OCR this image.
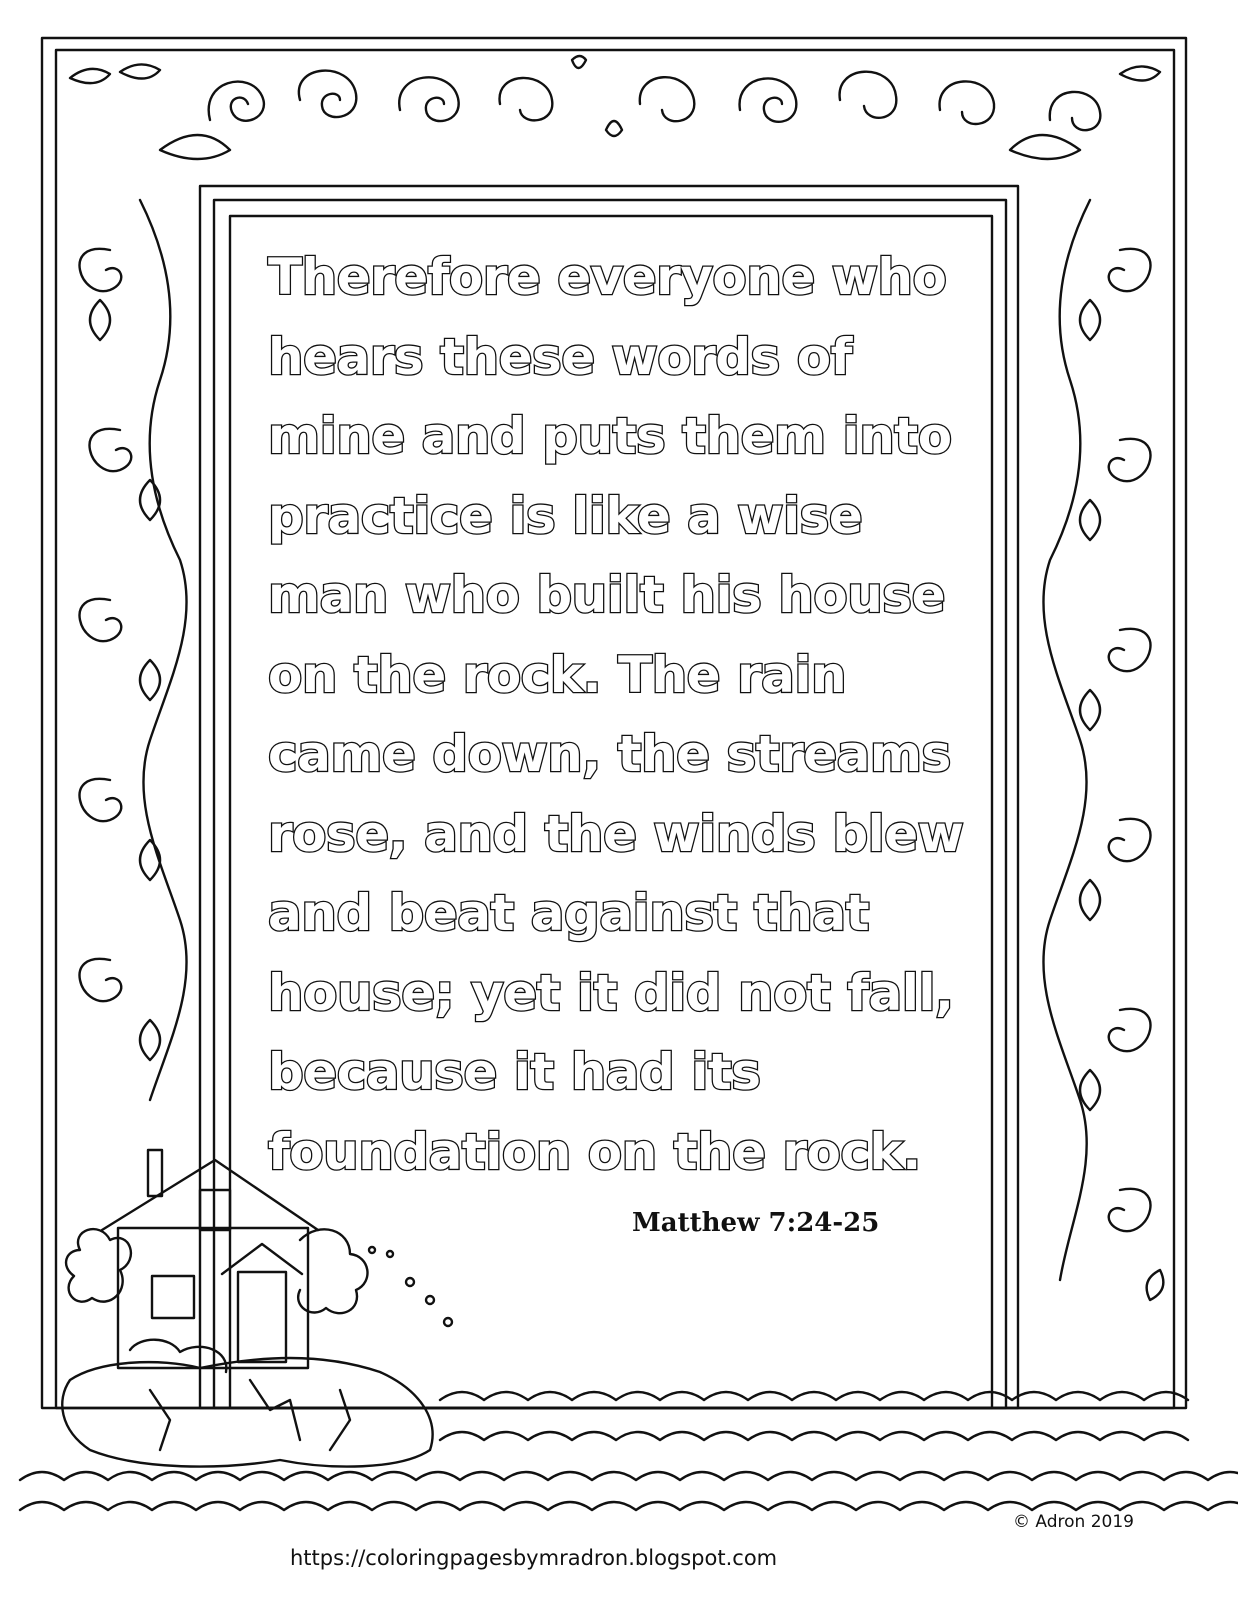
Therefore everyone who
hears these words of
mine and puts them into
practice is like a wise
man who built his house
on the rock. The rain
came down, the streams
rose, and the winds blew
and beat against that
house; yet it did not fall,
because it had its
foundation on the rock.
Matthew 7:24-25
https://coloringpagesbymradron.blogspot.com
© Adron 2019
